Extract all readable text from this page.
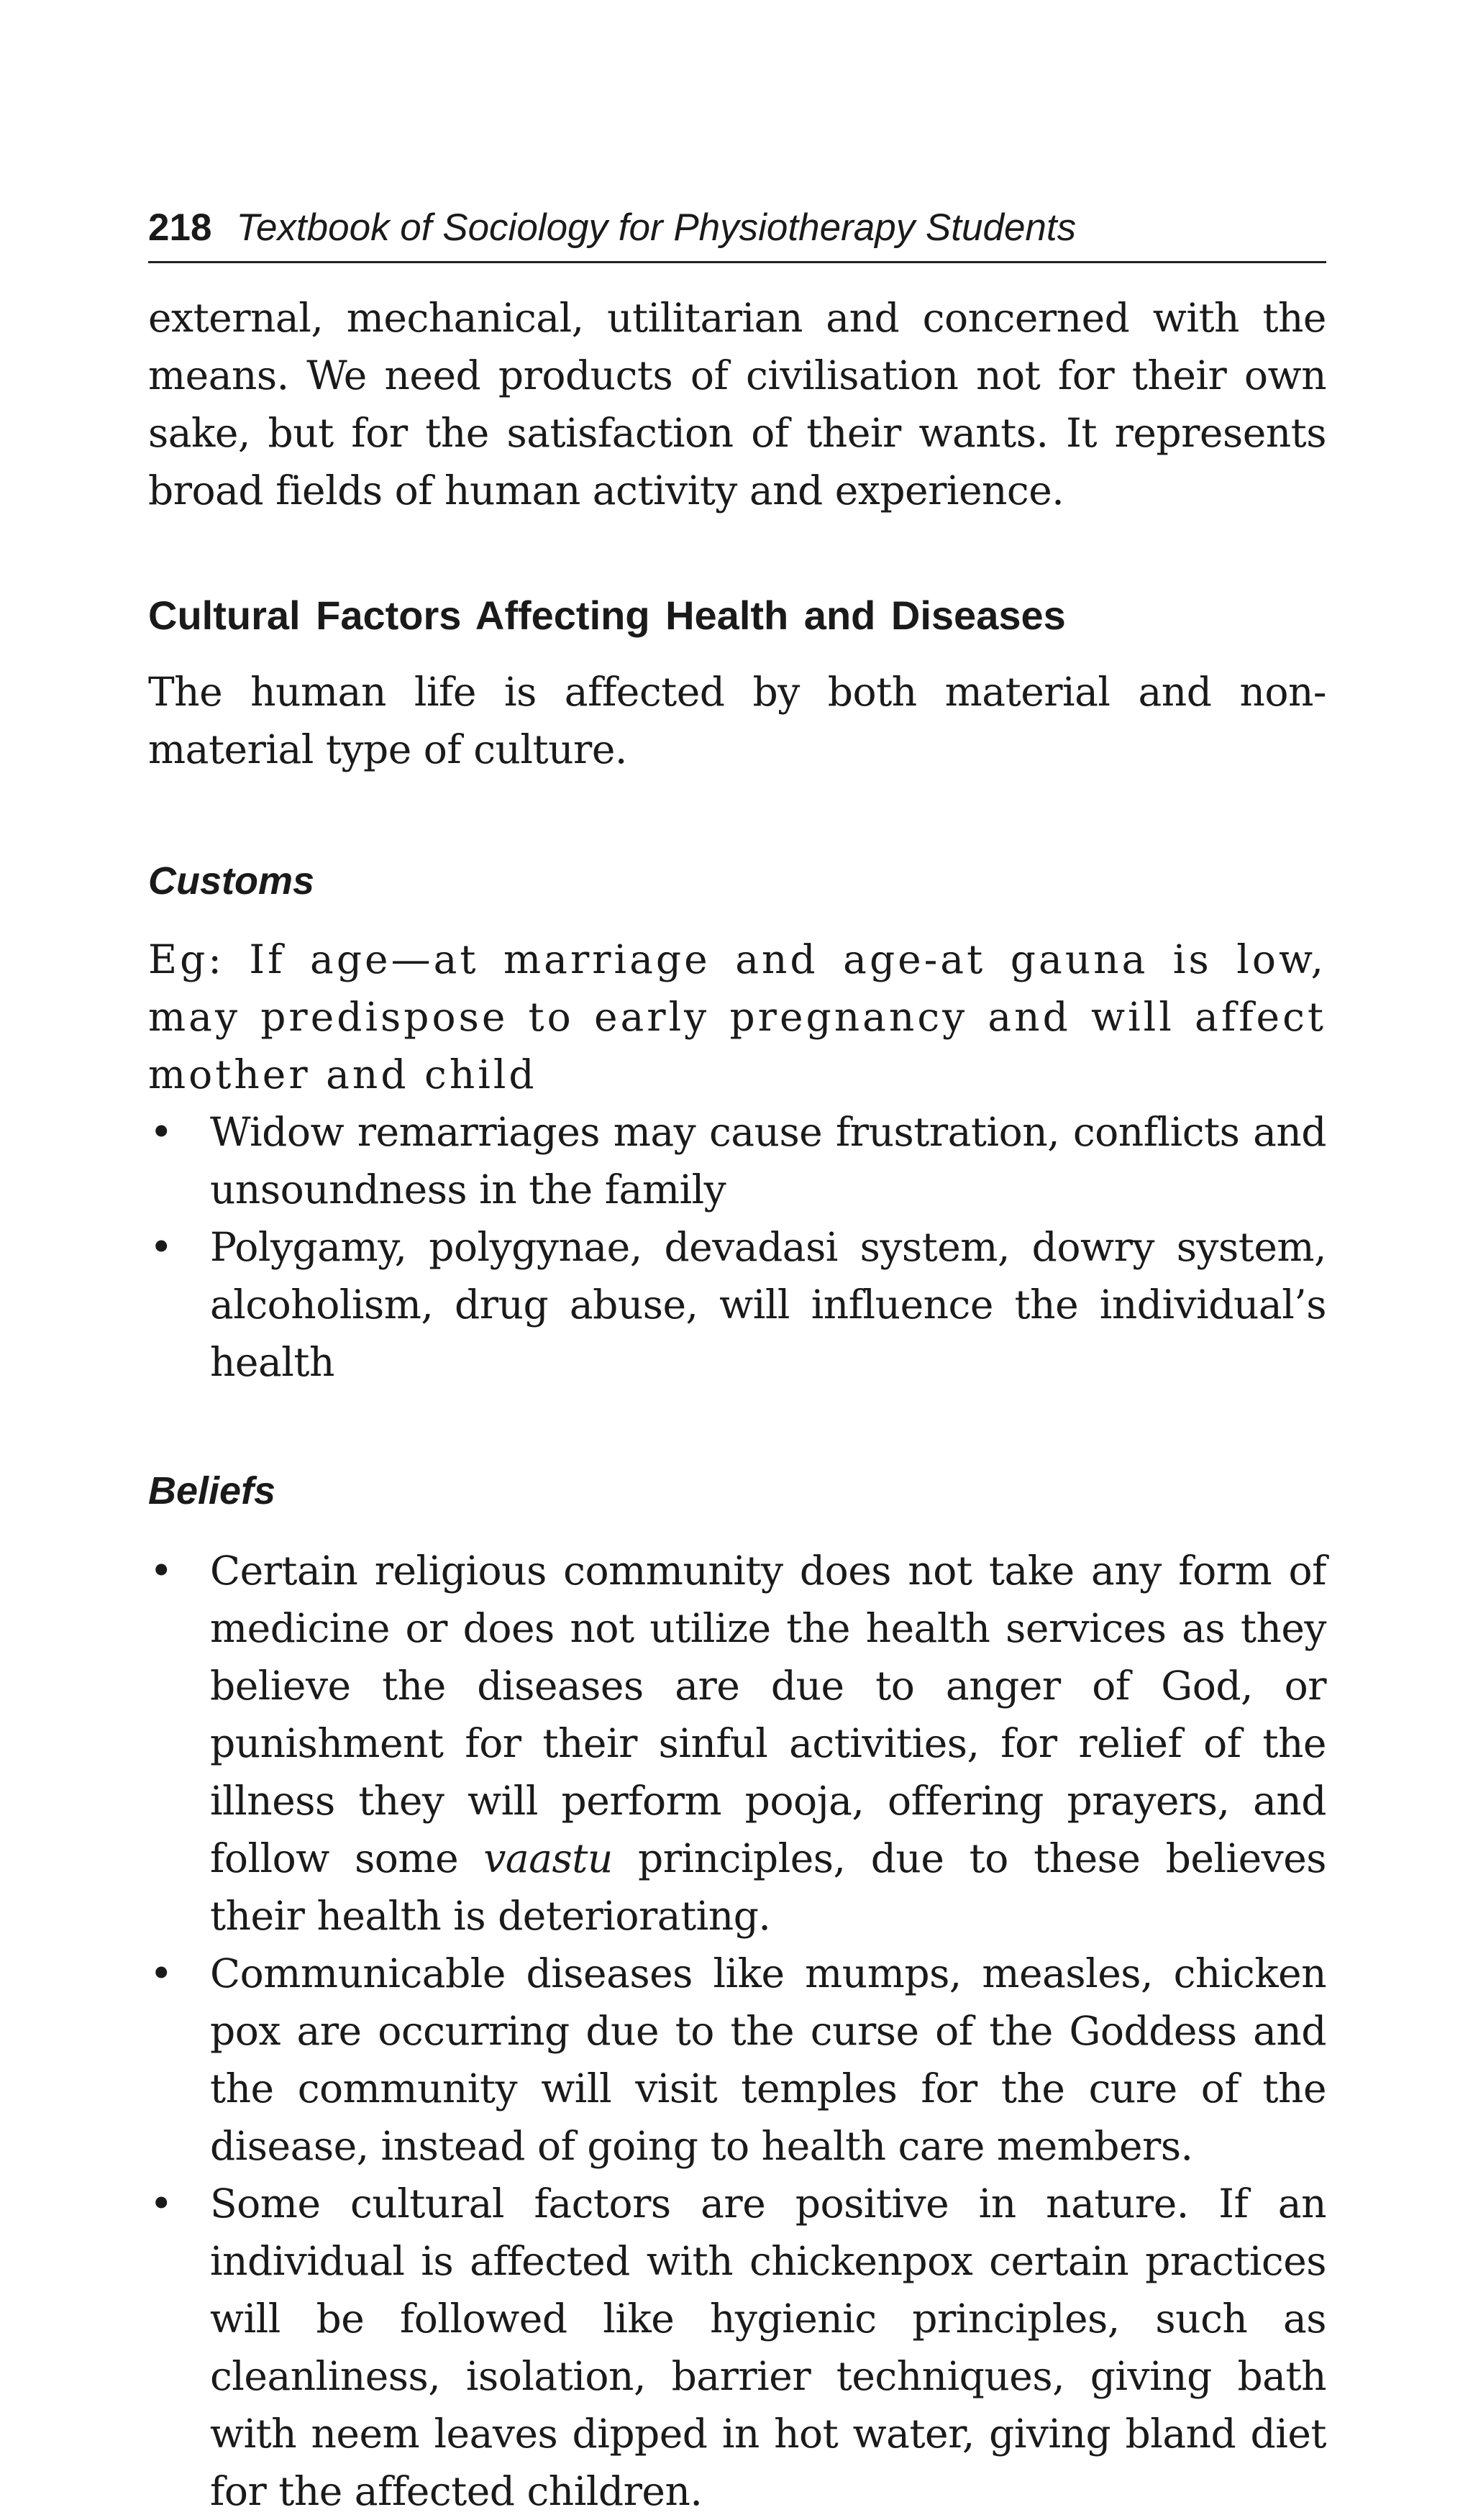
218 Textbook of Sociology for Physiotherapy Students

external, mechanical, utilitarian and concerned with the means. We need products of civilisation not for their own sake, but for the satisfaction of their wants. It represents broad fields of human activity and experience.

Cultural Factors Affecting Health and Diseases

The human life is affected by both material and non-material type of culture.

Customs

Eg: If age—at marriage and age-at gauna is low, may predispose to early pregnancy and will affect mother and child

• Widow remarriages may cause frustration, conflicts and unsoundness in the family
• Polygamy, polygynae, devadasi system, dowry system, alcoholism, drug abuse, will influence the individual’s health
Beliefs
• Certain religious community does not take any form of medicine or does not utilize the health services as they believe the diseases are due to anger of God, or punishment for their sinful activities, for relief of the illness they will perform pooja, offering prayers, and follow some vaastu principles, due to these believes their health is deteriorating.
• Communicable diseases like mumps, measles, chicken pox are occurring due to the curse of the Goddess and the community will visit temples for the cure of the disease, instead of going to health care members.
• Some cultural factors are positive in nature. If an individual is affected with chickenpox certain practices will be followed like hygienic principles, such as cleanliness, isolation, barrier techniques, giving bath with neem leaves dipped in hot water, giving bland diet for the affected children.
